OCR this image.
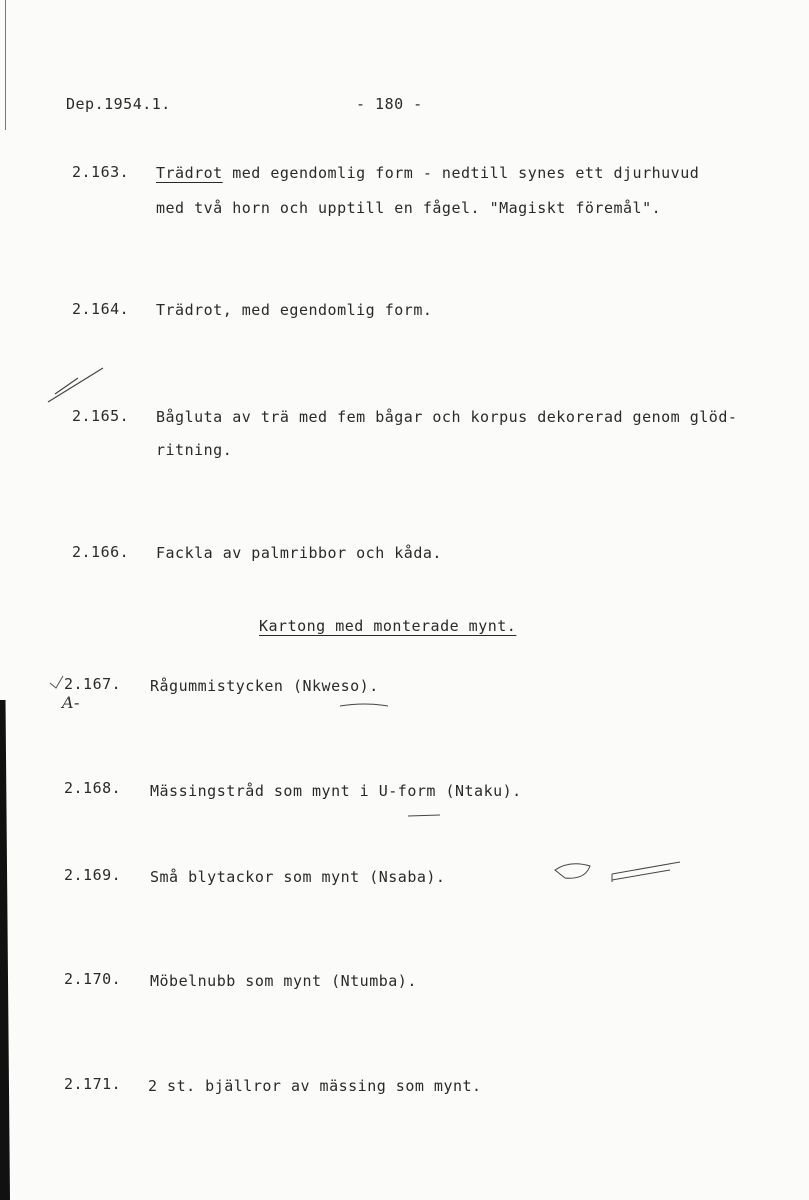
Dep.1954.1.	- 180 -
2.163. Trädrot med egendomlig form - nedtill synes ett djurhuvud
med två horn och upptill en fågel. "Magiskt föremål".
2.164. Trädrot, med egendomlig form.
2.165. Bågluta av trä med fem bågar och korpus dekorerad genom glöd-
ritning.
2.166. Fackla av palmribbor och kåda.
Kartong med monterade mynt.
2.167. Rågummistycken (Nkweso).
A-
2.168. Mässingstråd som mynt i U-form (Ntaku).
2.169. Små blytackor som mynt (Nsaba).
2.170. Möbelnubb som mynt (Ntumba).
2.171. 2 st. bjällror av mässing som mynt.
